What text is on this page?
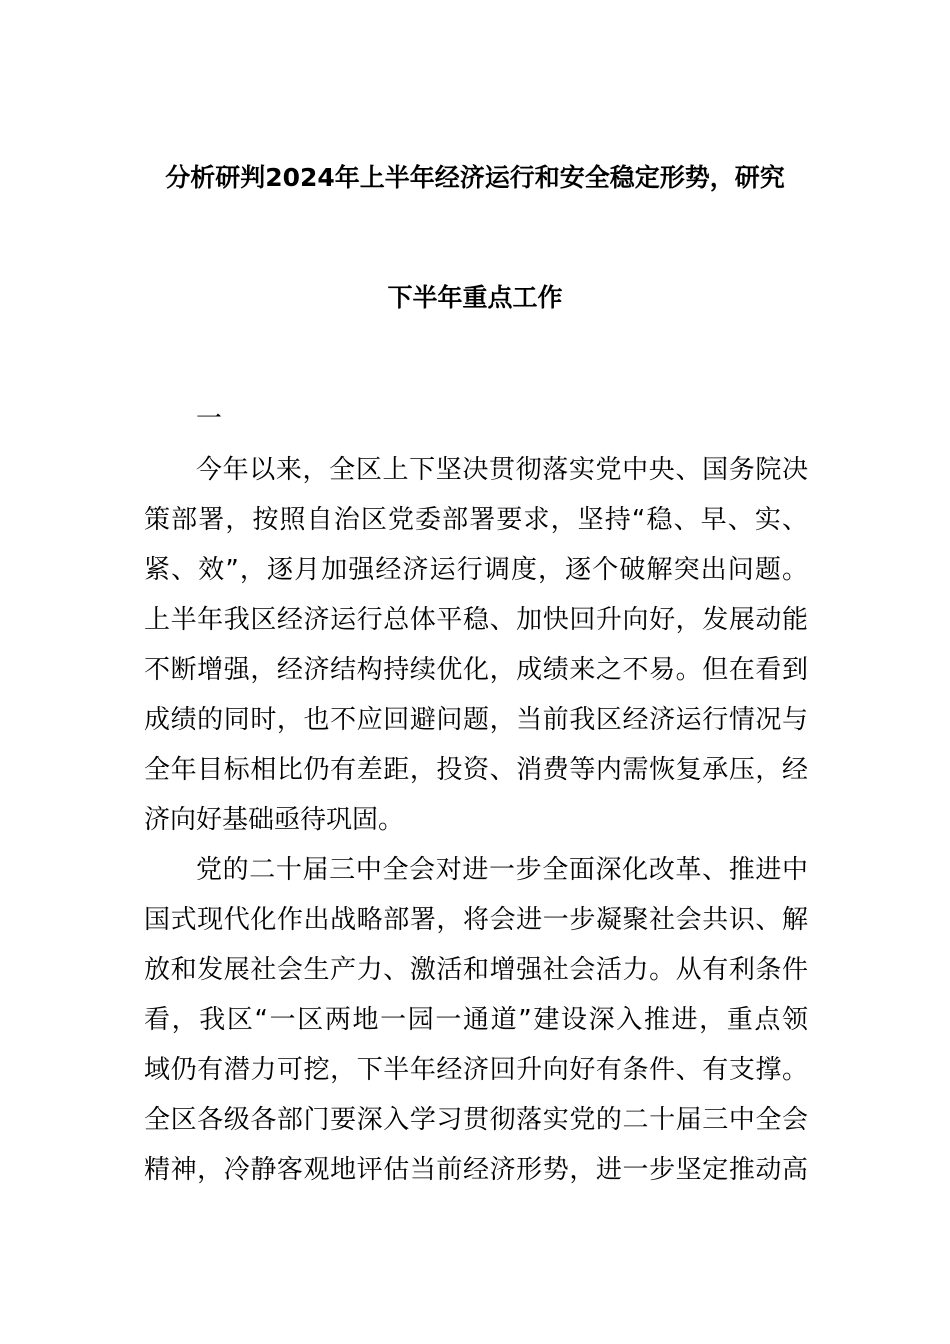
分析研判2024年上半年经济运行和安全稳定形势，研究
下半年重点工作
一
今年以来，全区上下坚决贯彻落实党中央、国务院决
策部署，按照自治区党委部署要求，坚持“稳、早、实、
紧、效”，逐月加强经济运行调度，逐个破解突出问题。
上半年我区经济运行总体平稳、加快回升向好，发展动能
不断增强，经济结构持续优化，成绩来之不易。但在看到
成绩的同时，也不应回避问题，当前我区经济运行情况与
全年目标相比仍有差距，投资、消费等内需恢复承压，经
济向好基础亟待巩固。
党的二十届三中全会对进一步全面深化改革、推进中
国式现代化作出战略部署，将会进一步凝聚社会共识、解
放和发展社会生产力、激活和增强社会活力。从有利条件
看，我区“一区两地一园一通道”建设深入推进，重点领
域仍有潜力可挖，下半年经济回升向好有条件、有支撑。
全区各级各部门要深入学习贯彻落实党的二十届三中全会
精神，冷静客观地评估当前经济形势，进一步坚定推动高
